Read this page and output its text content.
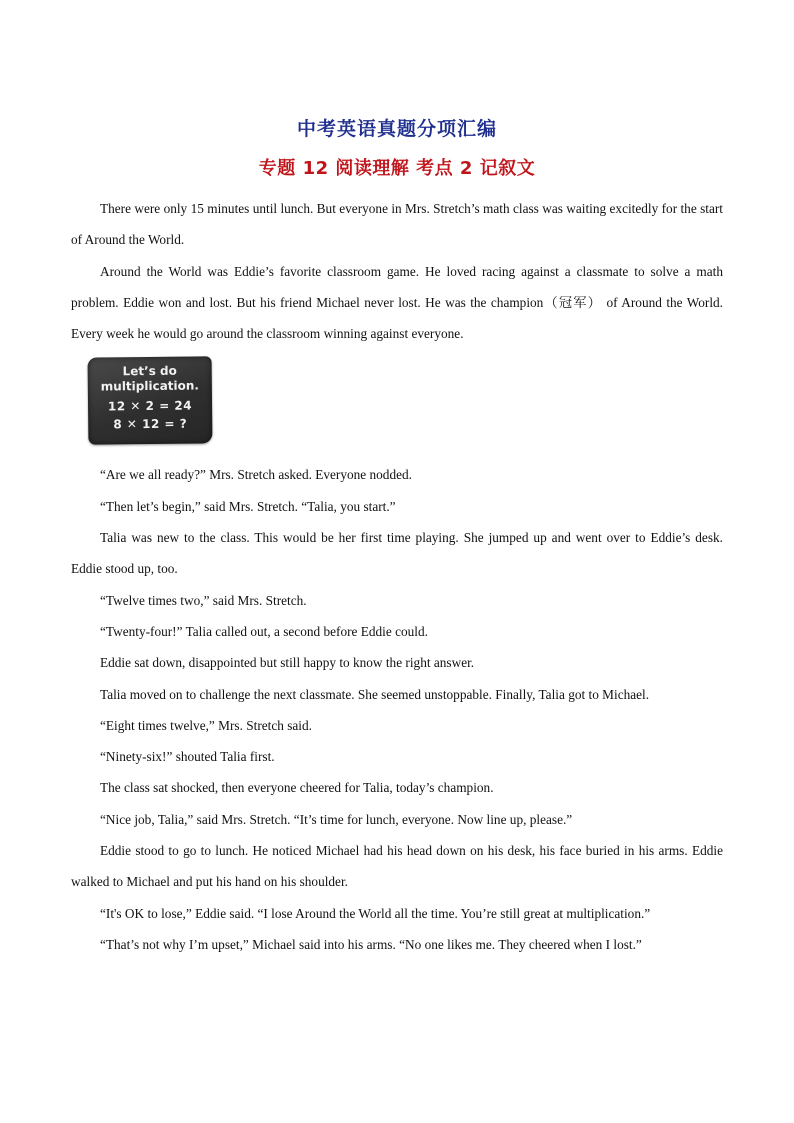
中考英语真题分项汇编
专题 12 阅读理解 考点 2 记叙文

There were only 15 minutes until lunch. But everyone in Mrs. Stretch’s math class was waiting excitedly for the start of Around the World.

Around the World was Eddie’s favorite classroom game. He loved racing against a classmate to solve a math problem. Eddie won and lost. But his friend Michael never lost. He was the champion（冠军） of Around the World. Every week he would go around the classroom winning against everyone.

Let’s do
multiplication.
12 ✕ 2 = 24
8 ✕ 12 = ?

“Are we all ready?” Mrs. Stretch asked. Everyone nodded.

“Then let’s begin,” said Mrs. Stretch. “Talia, you start.”

Talia was new to the class. This would be her first time playing. She jumped up and went over to Eddie’s desk. Eddie stood up, too.

“Twelve times two,” said Mrs. Stretch.

“Twenty-four!” Talia called out, a second before Eddie could.

Eddie sat down, disappointed but still happy to know the right answer.

Talia moved on to challenge the next classmate. She seemed unstoppable. Finally, Talia got to Michael.

“Eight times twelve,” Mrs. Stretch said.

“Ninety-six!” shouted Talia first.

The class sat shocked, then everyone cheered for Talia, today’s champion.

“Nice job, Talia,” said Mrs. Stretch. “It’s time for lunch, everyone. Now line up, please.”

Eddie stood to go to lunch. He noticed Michael had his head down on his desk, his face buried in his arms. Eddie walked to Michael and put his hand on his shoulder.

“It's OK to lose,” Eddie said. “I lose Around the World all the time. You’re still great at multiplication.”

“That’s not why I’m upset,” Michael said into his arms. “No one likes me. They cheered when I lost.”
